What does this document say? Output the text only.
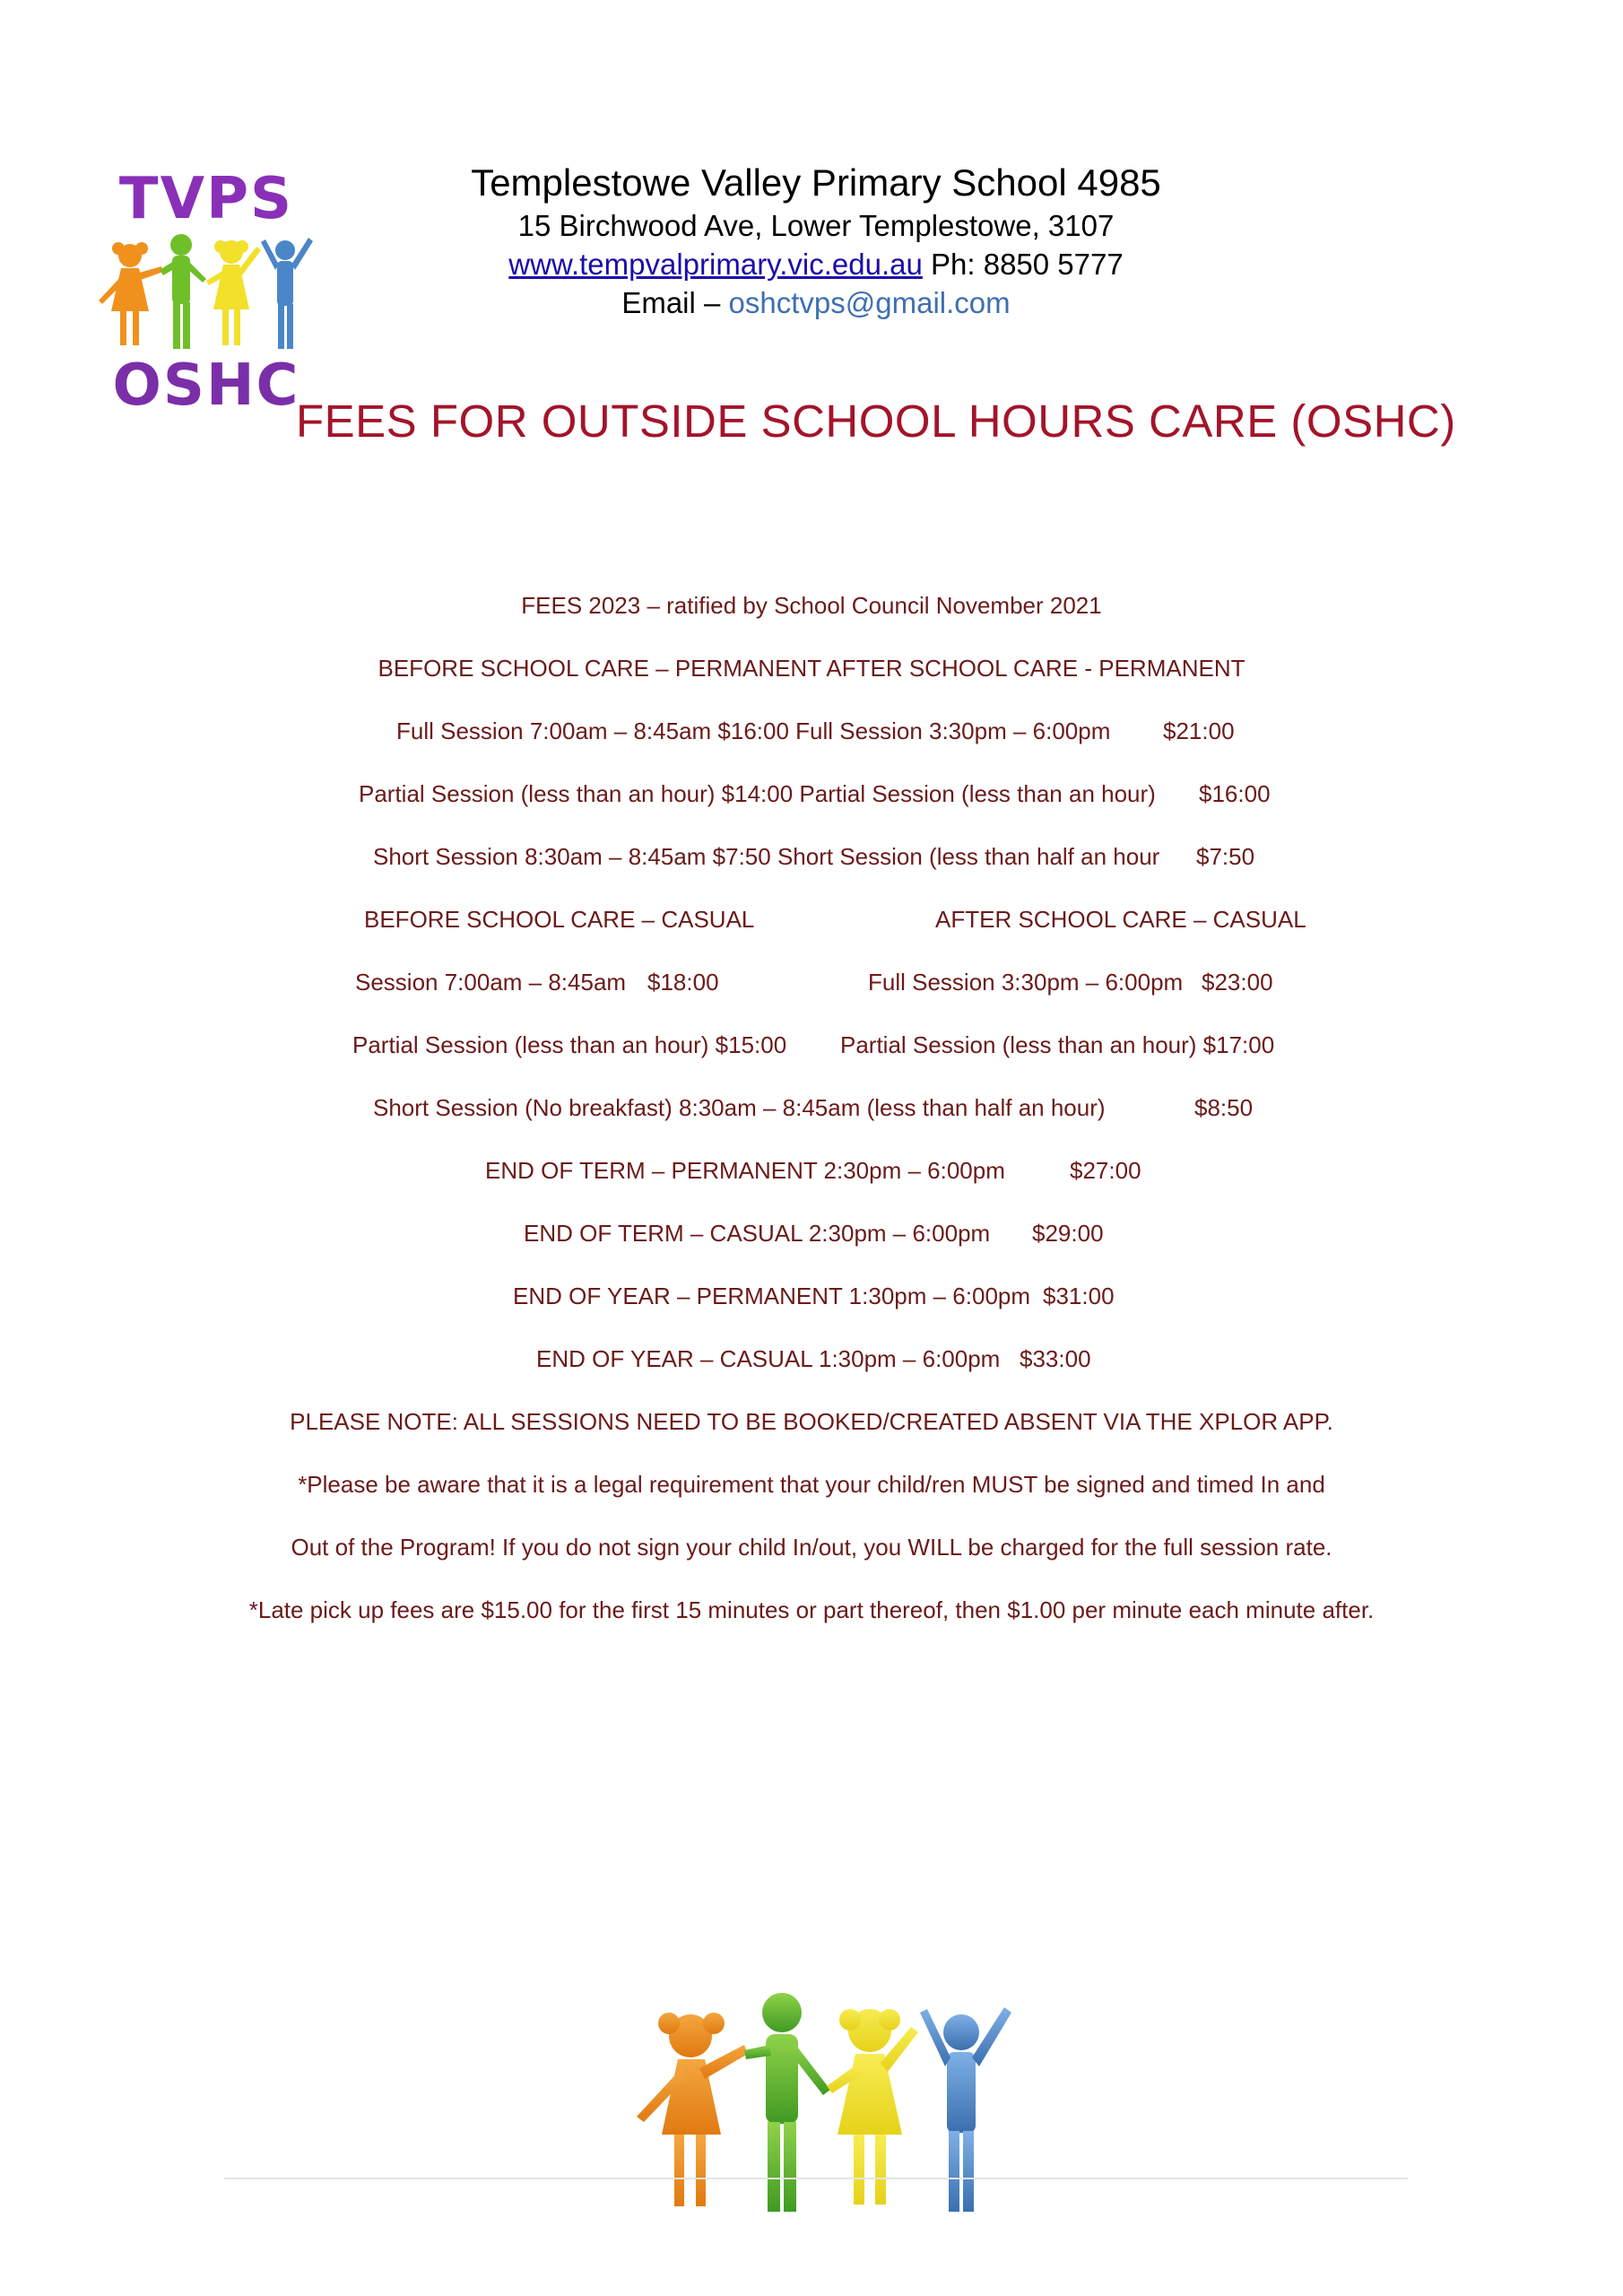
TVPS
OSHC
Templestowe Valley Primary School 4985
15 Birchwood Ave, Lower Templestowe, 3107
www.tempvalprimary.vic.edu.au Ph: 8850 5777
Email – oshctvps@gmail.com
FEES FOR OUTSIDE SCHOOL HOURS CARE (OSHC)
FEES 2023 – ratified by School Council November 2021
BEFORE SCHOOL CARE – PERMANENT AFTER SCHOOL CARE - PERMANENT
Full Session 7:00am – 8:45am $16:00 Full Session 3:30pm – 6:00pm $21:00
Partial Session (less than an hour) $14:00 Partial Session (less than an hour) $16:00
Short Session 8:30am – 8:45am $7:50 Short Session (less than half an hour $7:50
BEFORE SCHOOL CARE – CASUAL	AFTER SCHOOL CARE – CASUAL
Session 7:00am – 8:45am $18:00	Full Session 3:30pm – 6:00pm $23:00
Partial Session (less than an hour) $15:00 Partial Session (less than an hour) $17:00
Short Session (No breakfast) 8:30am – 8:45am (less than half an hour)	$8:50
END OF TERM – PERMANENT 2:30pm – 6:00pm	$27:00
END OF TERM – CASUAL 2:30pm – 6:00pm $29:00
END OF YEAR – PERMANENT 1:30pm – 6:00pm $31:00
END OF YEAR – CASUAL 1:30pm – 6:00pm $33:00
PLEASE NOTE: ALL SESSIONS NEED TO BE BOOKED/CREATED ABSENT VIA THE XPLOR APP.
*Please be aware that it is a legal requirement that your child/ren MUST be signed and timed In and
Out of the Program! If you do not sign your child In/out, you WILL be charged for the full session rate.
*Late pick up fees are $15.00 for the first 15 minutes or part thereof, then $1.00 per minute each minute after.
